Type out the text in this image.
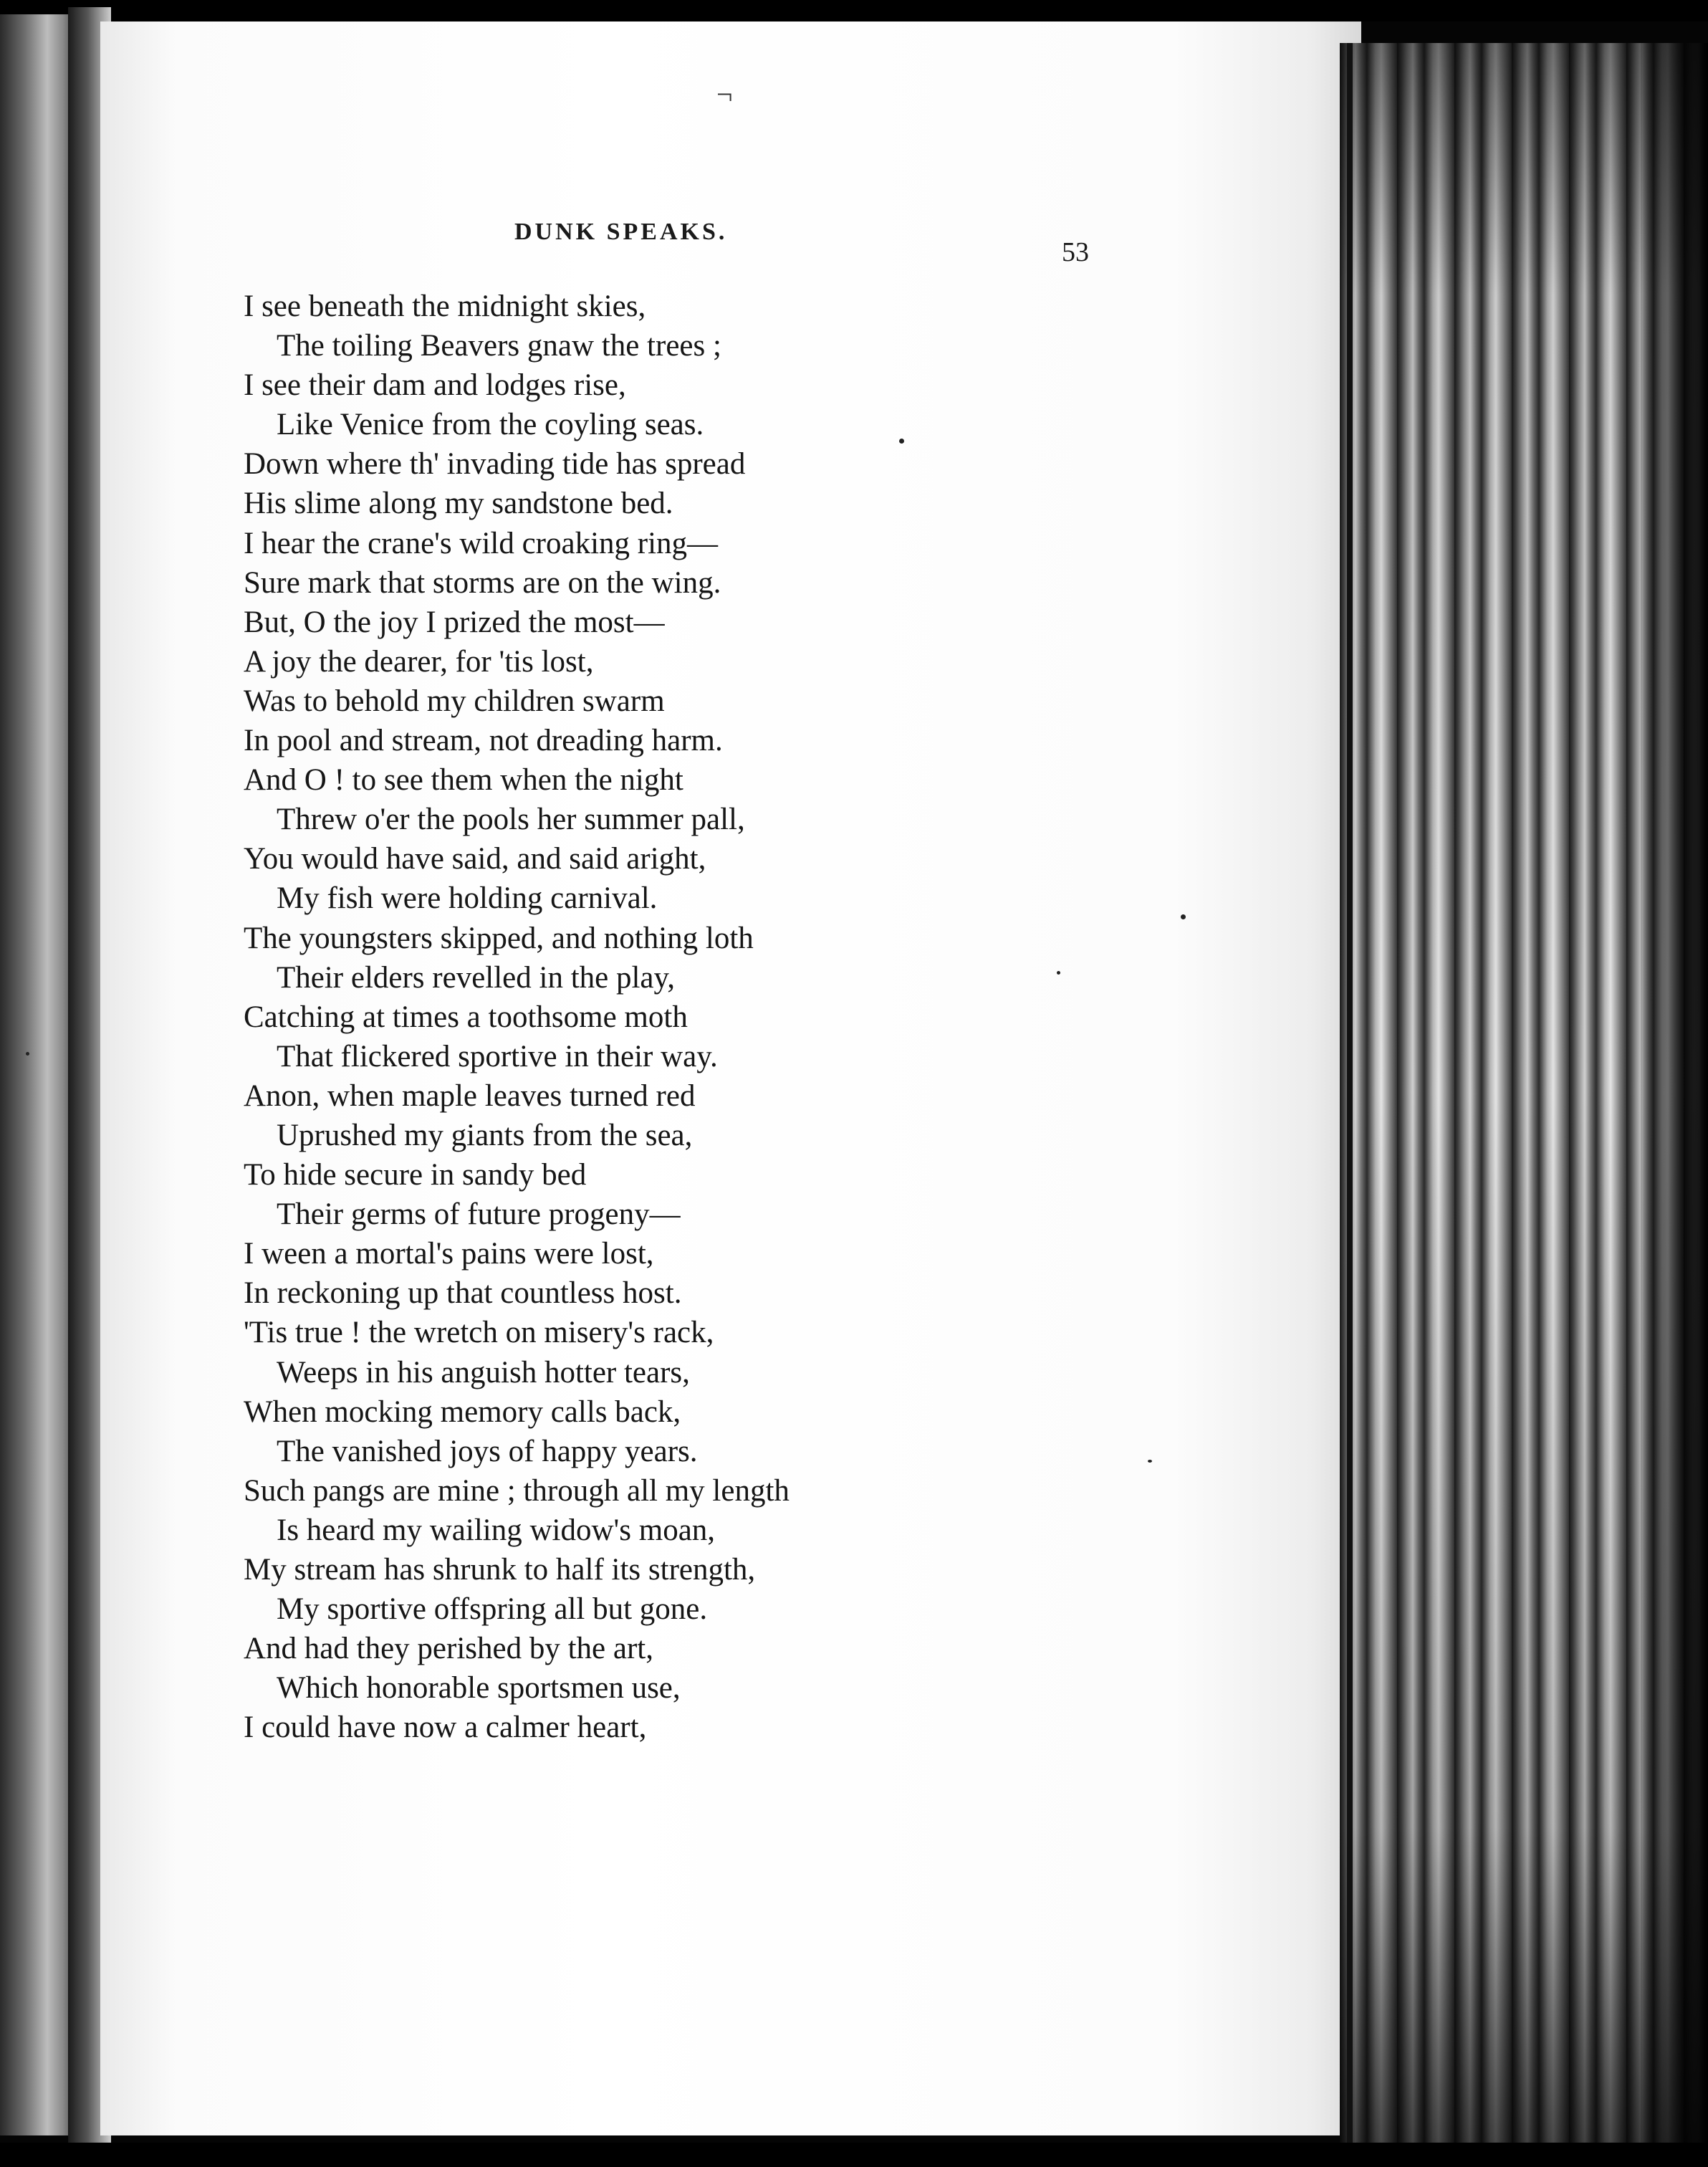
¬
DUNK SPEAKS.
53
I see beneath the midnight skies,
The toiling Beavers gnaw the trees ;
I see their dam and lodges rise,
Like Venice from the coyling seas.
Down where th' invading tide has spread
His slime along my sandstone bed.
I hear the crane's wild croaking ring—
Sure mark that storms are on the wing.
But, O the joy I prized the most—
A joy the dearer, for 'tis lost,
Was to behold my children swarm
In pool and stream, not dreading harm.
And O ! to see them when the night
Threw o'er the pools her summer pall,
You would have said, and said aright,
My fish were holding carnival.
The youngsters skipped, and nothing loth
Their elders revelled in the play,
Catching at times a toothsome moth
That flickered sportive in their way.
Anon, when maple leaves turned red
Uprushed my giants from the sea,
To hide secure in sandy bed
Their germs of future progeny—
I ween a mortal's pains were lost,
In reckoning up that countless host.
'Tis true ! the wretch on misery's rack,
Weeps in his anguish hotter tears,
When mocking memory calls back,
The vanished joys of happy years.
Such pangs are mine ; through all my length
Is heard my wailing widow's moan,
My stream has shrunk to half its strength,
My sportive offspring all but gone.
And had they perished by the art,
Which honorable sportsmen use,
I could have now a calmer heart,
